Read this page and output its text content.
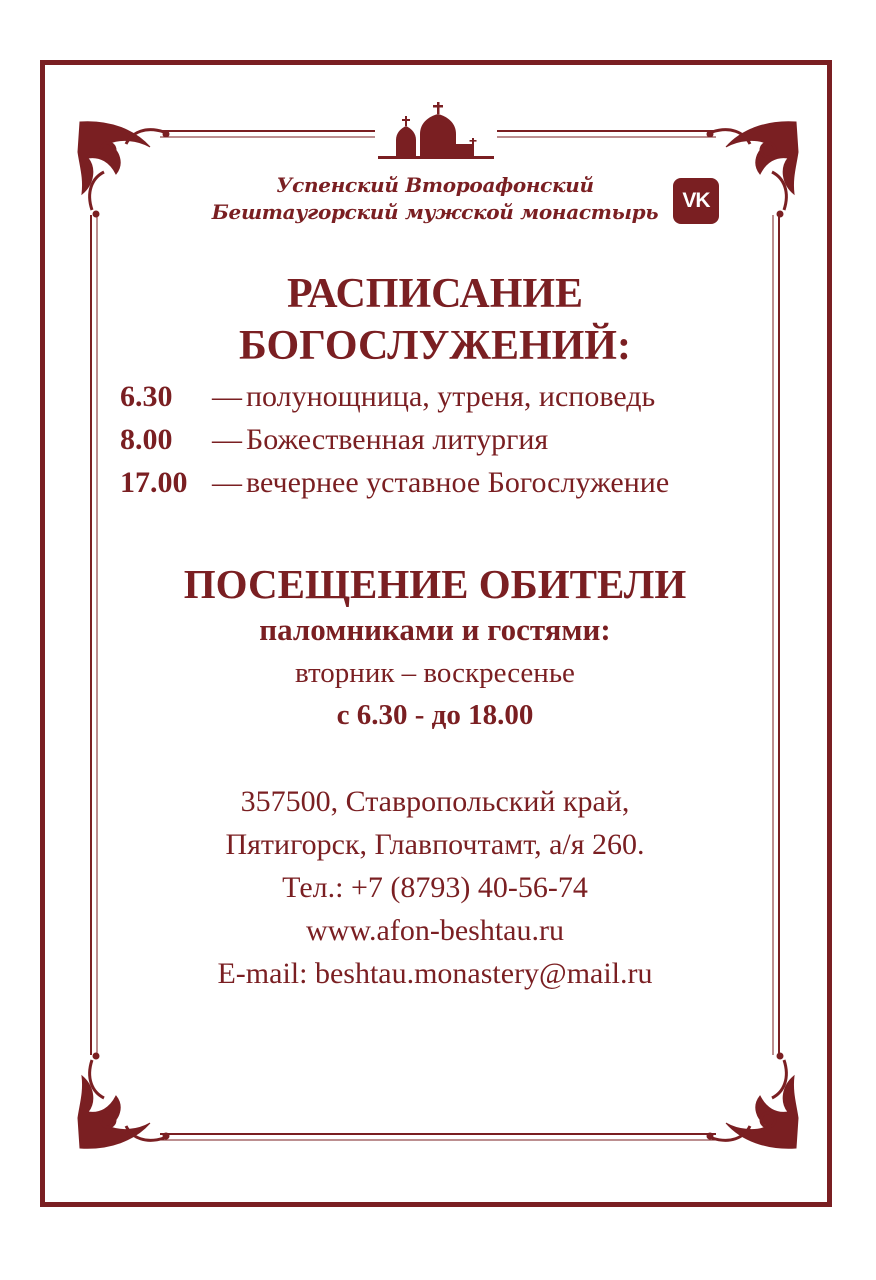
Успенский Второафонский
Бештаугорский мужской монастырь	VK
РАСПИСАНИЕ
БОГОСЛУЖЕНИЙ:
6.30	— полунощница, утреня, исповедь
8.00	— Божественная литургия
17.00 — вечернее уставное Богослужение
ПОСЕЩЕНИЕ ОБИТЕЛИ
паломниками и гостями:
вторник – воскресенье
с 6.30 - до 18.00
357500, Ставропольский край,
Пятигорск, Главпочтамт, а/я 260.
Тел.: +7 (8793) 40-56-74
www.afon-beshtau.ru
E-mail: beshtau.monastery@mail.ru
